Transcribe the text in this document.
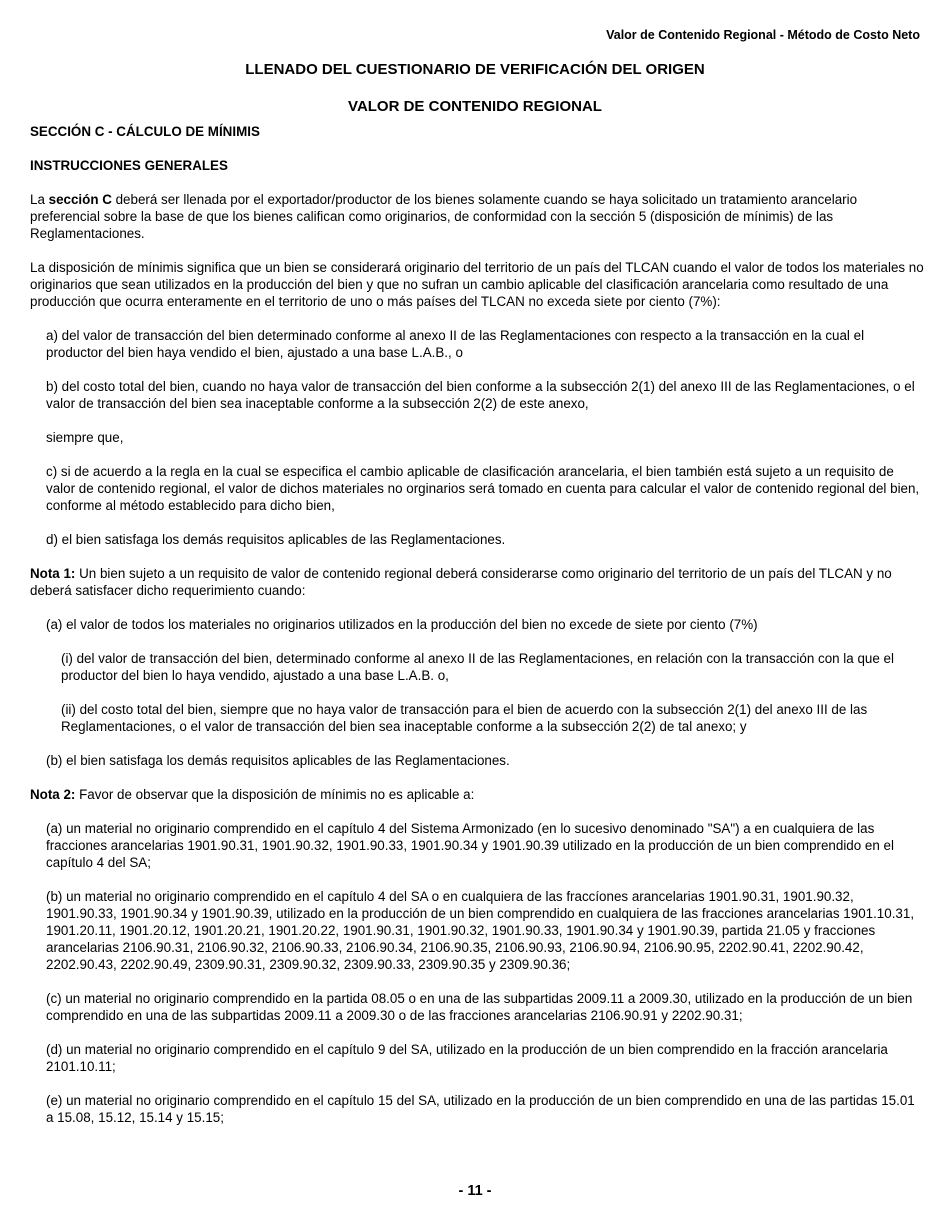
Valor de Contenido Regional - Método de Costo Neto
LLENADO DEL CUESTIONARIO DE VERIFICACIÓN DEL ORIGEN
VALOR DE CONTENIDO REGIONAL

SECCIÓN C - CÁLCULO DE MÍNIMIS

INSTRUCCIONES GENERALES

La sección C deberá ser llenada por el exportador/productor de los bienes solamente cuando se haya solicitado un tratamiento arancelario preferencial sobre la base de que los bienes califican como originarios, de conformidad con la sección 5 (disposición de mínimis) de las Reglamentaciones.

La disposición de mínimis significa que un bien se considerará originario del territorio de un país del TLCAN cuando el valor de todos los materiales no originarios que sean utilizados en la producción del bien y que no sufran un cambio aplicable del clasificación arancelaria como resultado de una producción que ocurra enteramente en el territorio de uno o más países del TLCAN no exceda siete por ciento (7%):

a) del valor de transacción del bien determinado conforme al anexo II de las Reglamentaciones con respecto a la transacción en la cual el productor del bien haya vendido el bien, ajustado a una base L.A.B., o

b) del costo total del bien, cuando no haya valor de transacción del bien conforme a la subsección 2(1) del anexo III de las Reglamentaciones, o el valor de transacción del bien sea inaceptable conforme a la subsección 2(2) de este anexo,

siempre que,

c) si de acuerdo a la regla en la cual se especifica el cambio aplicable de clasificación arancelaria, el bien también está sujeto a un requisito de valor de contenido regional, el valor de dichos materiales no orginarios será tomado en cuenta para calcular el valor de contenido regional del bien, conforme al método establecido para dicho bien,

d) el bien satisfaga los demás requisitos aplicables de las Reglamentaciones.

Nota 1: Un bien sujeto a un requisito de valor de contenido regional deberá considerarse como originario del territorio de un país del TLCAN y no deberá satisfacer dicho requerimiento cuando:

(a) el valor de todos los materiales no originarios utilizados en la producción del bien no excede de siete por ciento (7%)

(i) del valor de transacción del bien, determinado conforme al anexo II de las Reglamentaciones, en relación con la transacción con la que el productor del bien lo haya vendido, ajustado a una base L.A.B. o,

(ii) del costo total del bien, siempre que no haya valor de transacción para el bien de acuerdo con la subsección 2(1) del anexo III de las Reglamentaciones, o el valor de transacción del bien sea inaceptable conforme a la subsección 2(2) de tal anexo; y

(b) el bien satisfaga los demás requisitos aplicables de las Reglamentaciones.

Nota 2: Favor de observar que la disposición de mínimis no es aplicable a:

(a) un material no originario comprendido en el capítulo 4 del Sistema Armonizado (en lo sucesivo denominado "SA") a en cualquiera de las fracciones arancelarias 1901.90.31, 1901.90.32, 1901.90.33, 1901.90.34 y 1901.90.39 utilizado en la producción de un bien comprendido en el capítulo 4 del SA;

(b) un material no originario comprendido en el capítulo 4 del SA o en cualquiera de las fraccíones arancelarias 1901.90.31, 1901.90.32, 1901.90.33, 1901.90.34 y 1901.90.39, utilizado en la producción de un bien comprendido en cualquiera de las fracciones arancelarias 1901.10.31, 1901.20.11, 1901.20.12, 1901.20.21, 1901.20.22, 1901.90.31, 1901.90.32, 1901.90.33, 1901.90.34 y 1901.90.39, partida 21.05 y fracciones arancelarias 2106.90.31, 2106.90.32, 2106.90.33, 2106.90.34, 2106.90.35, 2106.90.93, 2106.90.94, 2106.90.95, 2202.90.41, 2202.90.42, 2202.90.43, 2202.90.49, 2309.90.31, 2309.90.32, 2309.90.33, 2309.90.35 y 2309.90.36;

(c) un material no originario comprendido en la partida 08.05 o en una de las subpartidas 2009.11 a 2009.30, utilizado en la producción de un bien comprendido en una de las subpartidas 2009.11 a 2009.30 o de las fracciones arancelarias 2106.90.91 y 2202.90.31;

(d) un material no originario comprendido en el capítulo 9 del SA, utilizado en la producción de un bien comprendido en la fracción arancelaria 2101.10.11;

(e) un material no originario comprendido en el capítulo 15 del SA, utilizado en la producción de un bien comprendido en una de las partidas 15.01 a 15.08, 15.12, 15.14 y 15.15;

- 11 -
